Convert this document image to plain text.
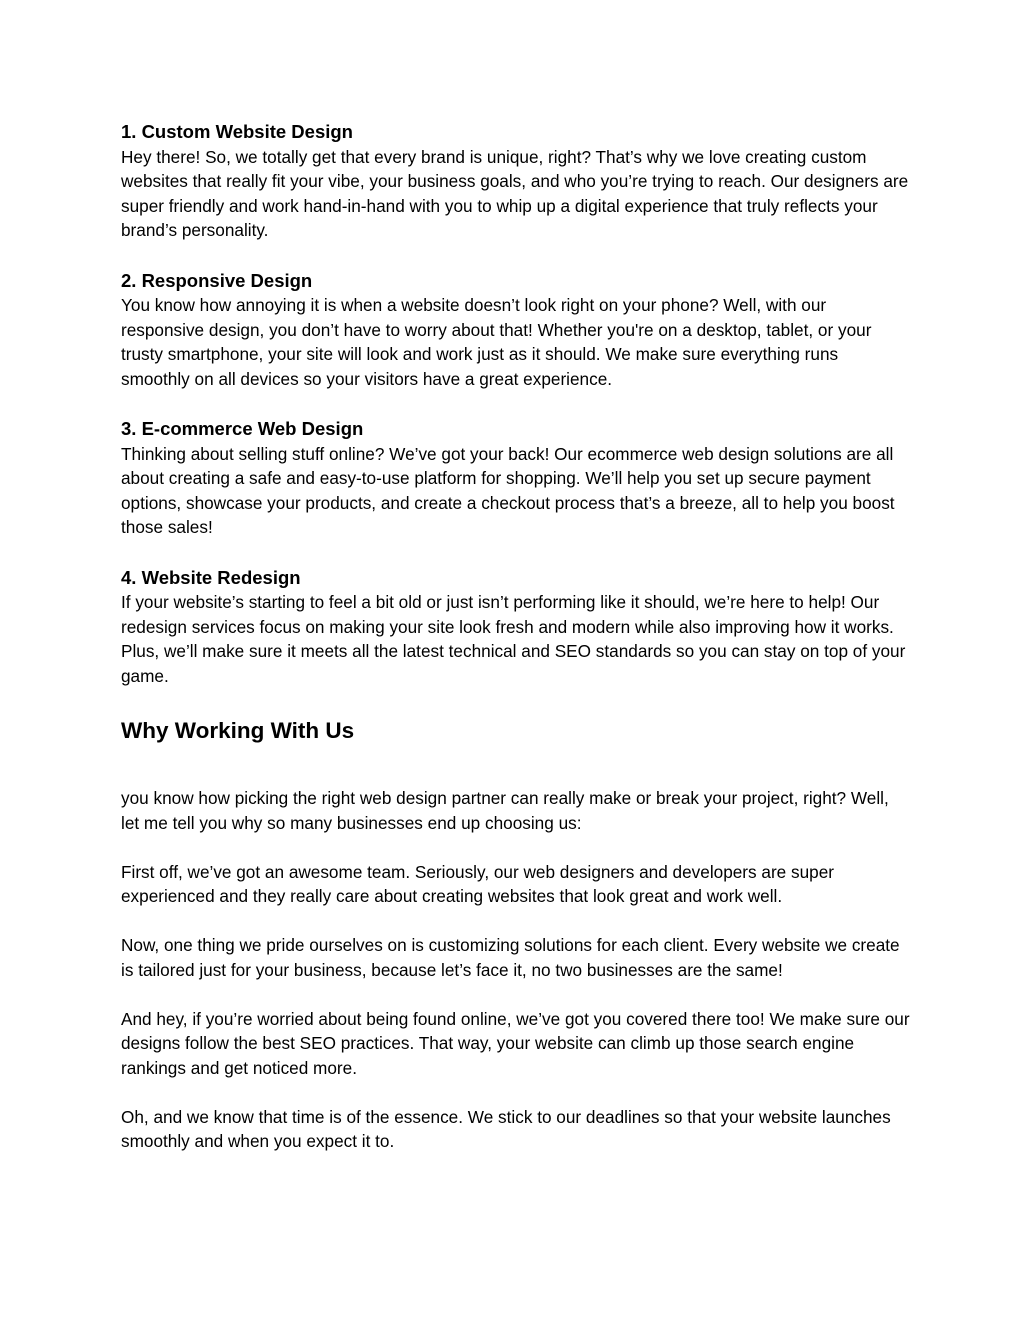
1. Custom Website Design

Hey there! So, we totally get that every brand is unique, right? That’s why we love creating custom websites that really fit your vibe, your business goals, and who you’re trying to reach. Our designers are super friendly and work hand-in-hand with you to whip up a digital experience that truly reflects your brand’s personality.

2. Responsive Design

You know how annoying it is when a website doesn’t look right on your phone? Well, with our responsive design, you don’t have to worry about that! Whether you're on a desktop, tablet, or your trusty smartphone, your site will look and work just as it should. We make sure everything runs smoothly on all devices so your visitors have a great experience.

3. E-commerce Web Design

Thinking about selling stuff online? We’ve got your back! Our ecommerce web design solutions are all about creating a safe and easy-to-use platform for shopping. We’ll help you set up secure payment options, showcase your products, and create a checkout process that’s a breeze, all to help you boost those sales!

4. Website Redesign

If your website’s starting to feel a bit old or just isn’t performing like it should, we’re here to help! Our redesign services focus on making your site look fresh and modern while also improving how it works. Plus, we’ll make sure it meets all the latest technical and SEO standards so you can stay on top of your game.

Why Working With Us

you know how picking the right web design partner can really make or break your project, right? Well, let me tell you why so many businesses end up choosing us:

First off, we’ve got an awesome team. Seriously, our web designers and developers are super experienced and they really care about creating websites that look great and work well.

Now, one thing we pride ourselves on is customizing solutions for each client. Every website we create is tailored just for your business, because let’s face it, no two businesses are the same!

And hey, if you’re worried about being found online, we’ve got you covered there too! We make sure our designs follow the best SEO practices. That way, your website can climb up those search engine rankings and get noticed more.

Oh, and we know that time is of the essence. We stick to our deadlines so that your website launches smoothly and when you expect it to.
